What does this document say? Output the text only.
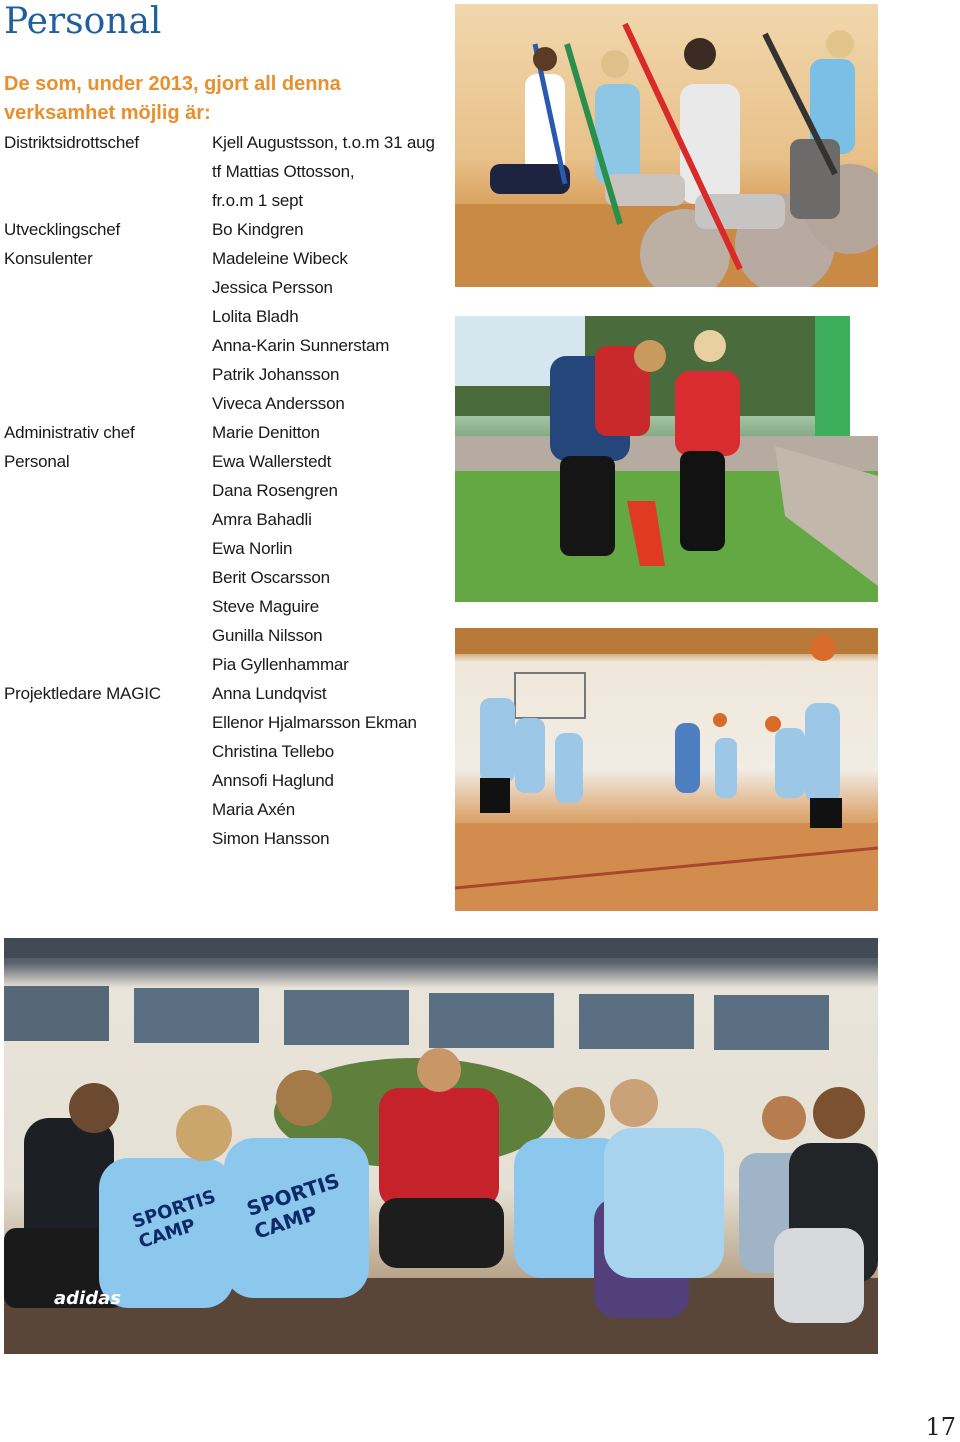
Personal

De som, under 2013, gjort all denna verksamhet möjlig är:

Distriktsidrottschef	Kjell Augustsson, t.o.m 31 aug
tf Mattias Ottosson,
fr.o.m 1 sept
Utvecklingschef	Bo Kindgren
Konsulenter	Madeleine Wibeck
Jessica Persson
Lolita Bladh
Anna-Karin Sunnerstam
Patrik Johansson
Viveca Andersson
Administrativ chef	Marie Denitton
Personal	Ewa Wallerstedt
Dana Rosengren
Amra Bahadli
Ewa Norlin
Berit Oscarsson
Steve Maguire
Gunilla Nilsson
Pia Gyllenhammar
Projektledare MAGIC	Anna Lundqvist
Ellenor Hjalmarsson Ekman
Christina Tellebo
Annsofi Haglund
Maria Axén
Simon Hansson
SPORTIS CAMP
SPORTIS CAMP
adidas
17
